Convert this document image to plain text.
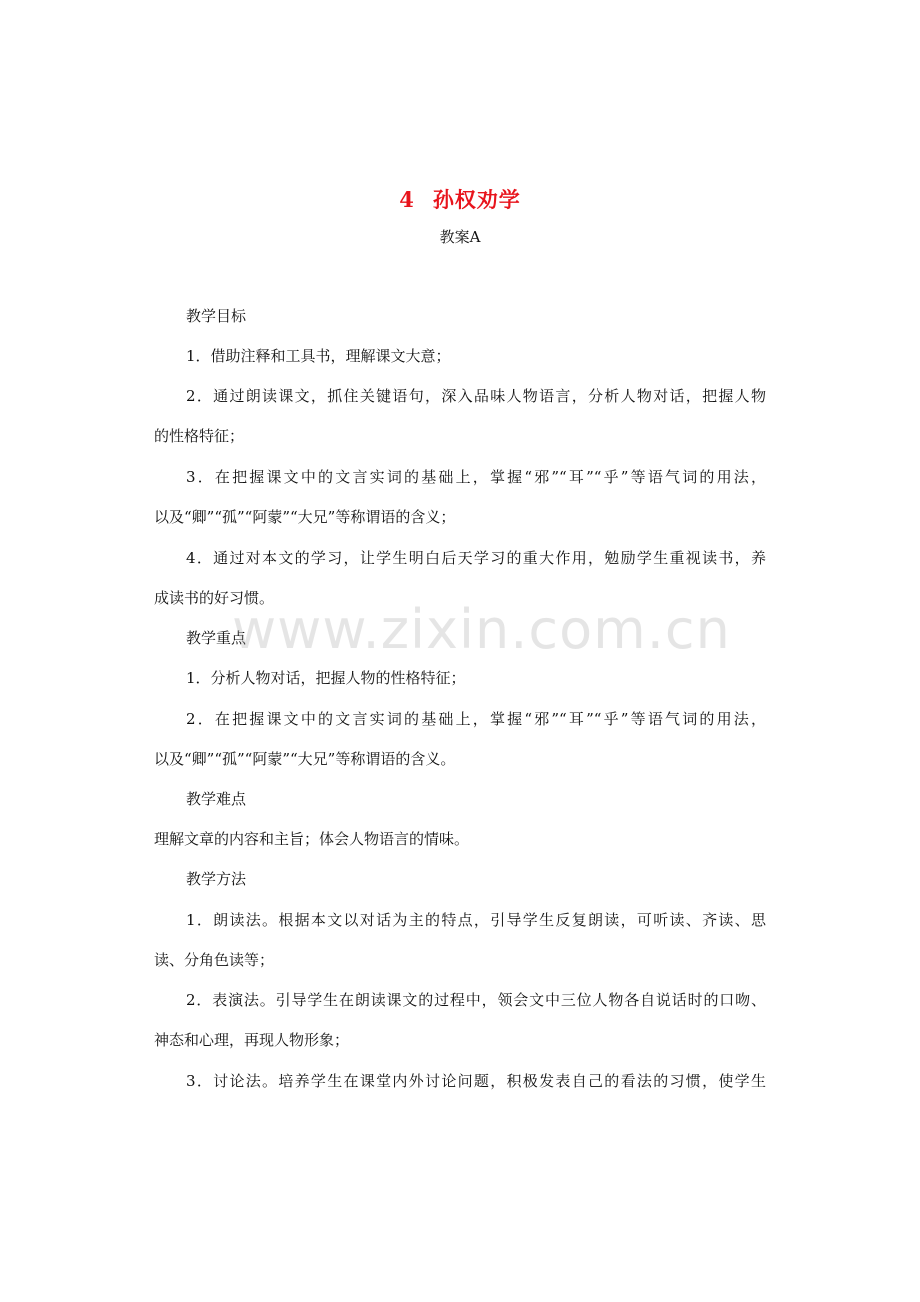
4 孙权劝学
教案A
教学目标
1．借助注释和工具书，理解课文大意；
2．通过朗读课文，抓住关键语句，深入品味人物语言，分析人物对话，把握人物
的性格特征；
3．在把握课文中的文言实词的基础上，掌握“邪”“耳”“乎”等语气词的用法，
以及“卿”“孤”“阿蒙”“大兄”等称谓语的含义；
4．通过对本文的学习，让学生明白后天学习的重大作用，勉励学生重视读书，养
成读书的好习惯。
教学重点
1．分析人物对话，把握人物的性格特征；
2．在把握课文中的文言实词的基础上，掌握“邪”“耳”“乎”等语气词的用法，
以及“卿”“孤”“阿蒙”“大兄”等称谓语的含义。
教学难点
理解文章的内容和主旨；体会人物语言的情味。
教学方法
1．朗读法。根据本文以对话为主的特点，引导学生反复朗读，可听读、齐读、思
读、分角色读等；
2．表演法。引导学生在朗读课文的过程中，领会文中三位人物各自说话时的口吻、
神态和心理，再现人物形象；
3．讨论法。培养学生在课堂内外讨论问题，积极发表自己的看法的习惯，使学生
www.zixin.com.cn
